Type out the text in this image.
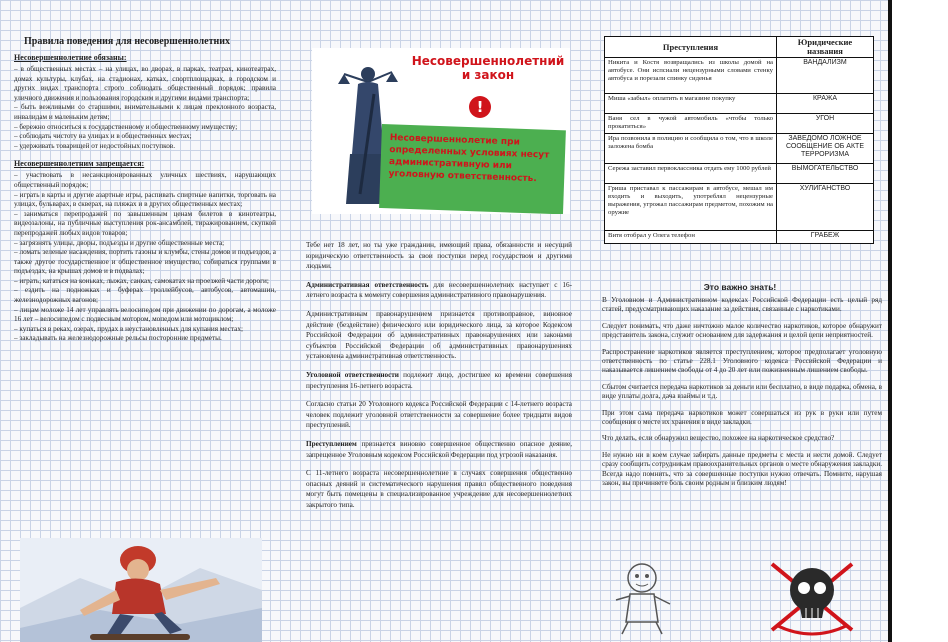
Правила поведения для несовершеннолетних
Несовершеннолетние обязаны:

– в общественных местах – на улицах, во дворах, в парках, театрах, кинотеатрах, домах культуры, клубах, на стадионах, катках, спортплощадках, в городском и других видах транспорта строго соблюдать общественный порядок; правила уличного движения и пользования городским и другими видами транспорта;

– быть вежливыми со старшими, внимательными к лицам преклонного возраста, инвалидам и маленьким детям;

– бережно относиться к государственному и общественному имуществу;

– соблюдать чистоту на улицах и в общественных местах;

– удерживать товарищей от недостойных поступков.

Несовершеннолетним запрещается:

– участвовать в несанкционированных уличных шествиях, нарушающих общественный порядок;

– играть в карты и другие азартные игры, распивать спиртные напитки, торговать на улицах, бульварах, в скверах, на пляжах и в других общественных местах;

– заниматься перепродажей по завышенным ценам билетов в кинотеатры, видеозалоны, на публичные выступления рок-ансамблей, тиражированием, скупкой перепродажей любых видов товаров;

– загрязнять улицы, дворы, подъезды и другие общественные места;

– ломать зеленые насаждения, портить газоны и клумбы, стены домов и подъездов, а также другое государственное и общественное имущество, собираться группами в подъездах, на крышах домов и в подвалах;

– играть, кататься на коньках, лыжах, санках, самокатах на проезжей части дороги;

– ездить на подножках и буферах троллейбусов, автобусов, автомашин, железнодорожных вагонов;

– лицам моложе 14 лет управлять велосипедом при движении по дорогам, а моложе 16 лет – велосипедом с подвесным мотором, мопедом или мотоциклом;

– купаться в реках, озерах, прудах в неустановленных для купания местах;

– закладывать на железнодорожные рельсы посторонние предметы.

Несовершеннолетний и закон
!
Несовершеннолетие при определенных условиях несут административную или уголовную ответственность.

Тебе нет 18 лет, но ты уже гражданин, имеющий права, обязанности и несущий юридическую ответственность за свои поступки перед государством и другими людьми.

Административная ответственность для несовершеннолетних наступает с 16-летнего возраста к моменту совершения административного правонарушения.

Административным правонарушением признается противоправное, виновное действие (бездействие) физического или юридического лица, за которое Кодексом Российской Федерации об административных правонарушениях или законами субъектов Российской Федерации об административных правонарушениях установлена административная ответственность.

Уголовной ответственности подлежит лицо, достигшее ко времени совершения преступления 16-летнего возраста.

Согласно статьи 20 Уголовного кодекса Российской Федерации с 14-летнего возраста человек подлежит уголовной ответственности за совершение более тридцати видов преступлений.

Преступлением признается виновно совершенное общественно опасное деяние, запрещенное Уголовным кодексом Российской Федерации под угрозой наказания.

С 11-летнего возраста несовершеннолетние в случаях совершения общественно опасных деяний и систематического нарушения правил общественного поведения могут быть помещены в специализированное учреждение для несовершеннолетних закрытого типа.

Преступления	Юридические названия
Никита и Костя возвращались из школы домой на автобусе. Они испсиали нецензурными словами стенку автобуса и порезали спинку сиденья	ВАНДАЛИЗМ
Миша «забыл» оплатить в магазине покупку	КРАЖА
Ваня сел в чужой автомобиль «чтобы только прокатиться»	УГОН
Ира позвонила в полицию и сообщила о том, что в школе заложена бомба	ЗАВЕДОМО ЛОЖНОЕ СООБЩЕНИЕ ОБ АКТЕ ТЕРРОРИЗМА
Сережа заставил первоклассника отдать ему 1000 рублей	ВЫМОГАТЕЛЬСТВО
Гриша приставал к пассажирам в автобусе, мешал им входить и выходить, употреблял нецензурные выражения, угрожал пассажирам предметом, похожим на оружие	ХУЛИГАНСТВО
Витя отобрал у Олега телефон	ГРАБЕЖ
Это важно знать!

В Уголовном и Административном кодексах Российской Федерации есть целый ряд статей, предусматривающих наказание за действия, связанные с наркотиками.

Следует понимать, что даже ничтожно малое количество наркотиков, которое обнаружит представитель закона, служит основанием для задержания и целой цепи неприятностей.

Распространение наркотиков является преступлением, которое предполагает уголовную ответственность по статье 228.1 Уголовного кодекса Российской Федерации и наказывается лишением свободы от 4 до 20 лет или пожизненным лишением свободы.

Сбытом считается передача наркотиков за деньги или бесплатно, в виде подарка, обмена, в виде уплаты долга, дача взаймы и т.д.

При этом сама передача наркотиков может совершаться из рук в руки или путем сообщения о месте их хранения в виде закладки.

Что делать, если обнаружил вещество, похожее на наркотическое средство?

Не нужно ни в коем случае забирать данные предметы с места и нести домой. Следует сразу сообщить сотрудникам правоохранительных органов о месте обнаружения закладки. Всегда надо помнить, что за совершенные поступки нужно отвечать. Помните, нарушая закон, вы причиняете боль своим родным и близким людям!
